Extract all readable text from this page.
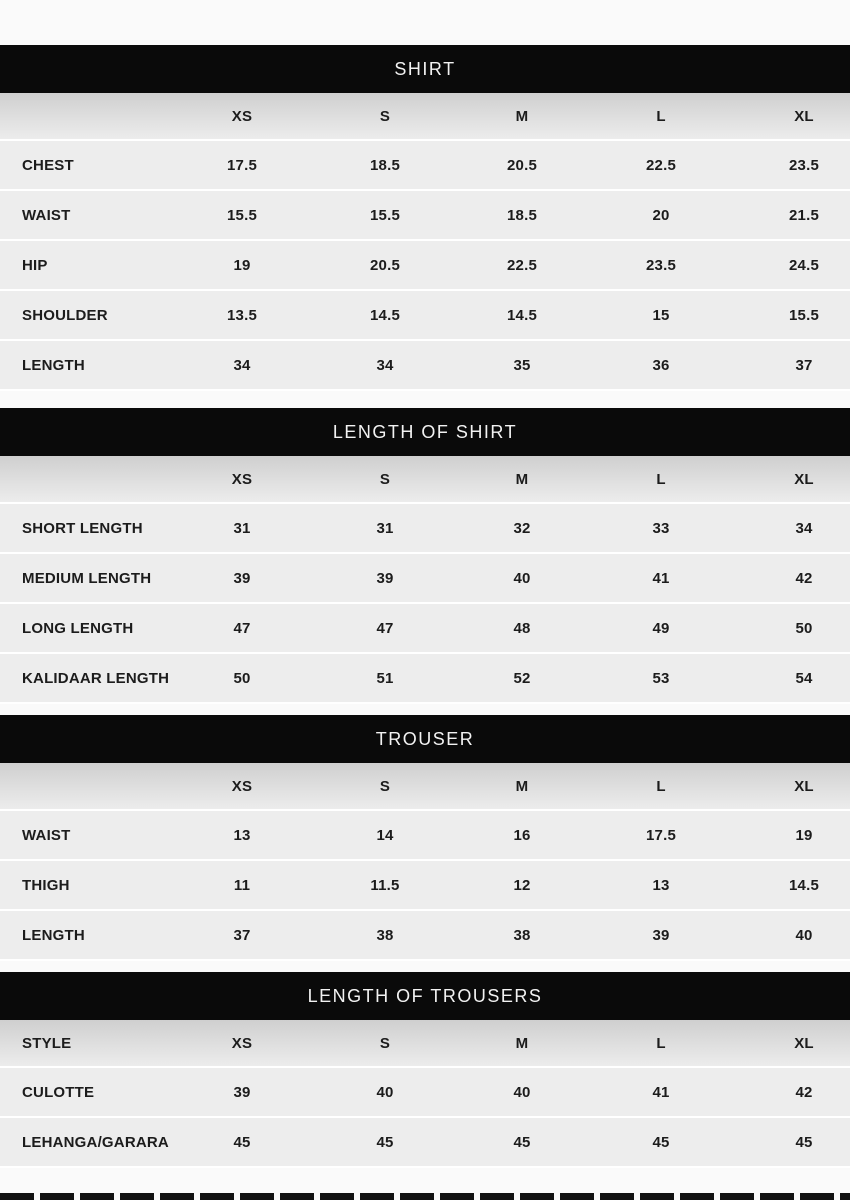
SHIRT
XS	S	M	L	XL
CHEST	17.5	18.5	20.5	22.5	23.5
WAIST	15.5	15.5	18.5	20	21.5
HIP	19	20.5	22.5	23.5	24.5
SHOULDER	13.5	14.5	14.5	15	15.5
LENGTH	34	34	35	36	37
LENGTH OF SHIRT
XS	S	M	L	XL
SHORT LENGTH	31	31	32	33	34
MEDIUM LENGTH	39	39	40	41	42
LONG LENGTH	47	47	48	49	50
KALIDAAR LENGTH	50	51	52	53	54
TROUSER
XS	S	M	L	XL
WAIST	13	14	16	17.5	19
THIGH	11	11.5	12	13	14.5
LENGTH	37	38	38	39	40
LENGTH OF TROUSERS
STYLE	XS	S	M	L	XL
CULOTTE	39	40	40	41	42
LEHANGA/GARARA	45	45	45	45	45
